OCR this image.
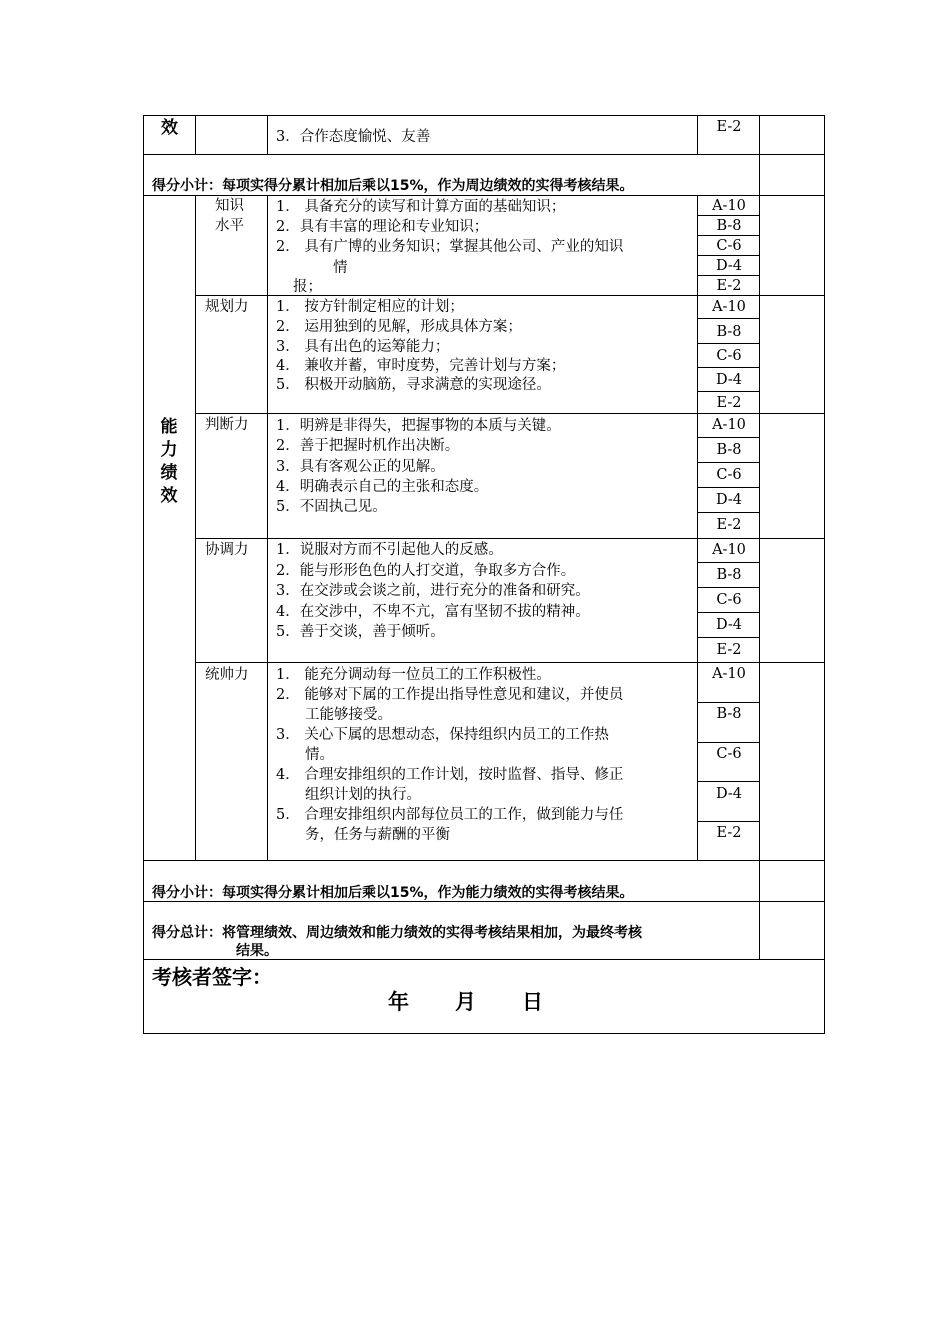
效	3．合作态度愉悦、友善
E-2
得分小计：每项实得分累计相加后乘以15%，作为周边绩效的实得考核结果。
能
力
绩
效
知识
水平
1． 具备充分的读写和计算方面的基础知识；
2．具有丰富的理论和专业知识；
2． 具有广博的业务知识；掌握其他公司、产业的知识
情
报；
A-10
B-8
C-6
D-4
E-2
规划力 1． 按方针制定相应的计划；
2． 运用独到的见解，形成具体方案；
3． 具有出色的运筹能力；
4． 兼收并蓄，审时度势，完善计划与方案；
5． 积极开动脑筋，寻求满意的实现途径。
A-10
B-8
C-6
D-4
E-2
判断力 1．明辨是非得失，把握事物的本质与关键。
2．善于把握时机作出决断。
3．具有客观公正的见解。
4．明确表示自己的主张和态度。
5．不固执己见。
A-10
B-8
C-6
D-4
E-2
协调力 1．说服对方而不引起他人的反感。
2．能与形形色色的人打交道，争取多方合作。
3．在交涉或会谈之前，进行充分的准备和研究。
4．在交涉中，不卑不亢，富有坚韧不拔的精神。
5．善于交谈，善于倾听。
A-10
B-8
C-6
D-4
E-2
统帅力 1． 能充分调动每一位员工的工作积极性。
2． 能够对下属的工作提出指导性意见和建议，并使员
工能够接受。
3． 关心下属的思想动态，保持组织内员工的工作热
情。
4． 合理安排组织的工作计划，按时监督、指导、修正
组织计划的执行。
5． 合理安排组织内部每位员工的工作，做到能力与任
务，任务与薪酬的平衡
A-10
B-8
C-6
D-4
E-2
得分小计：每项实得分累计相加后乘以15%，作为能力绩效的实得考核结果。
得分总计：将管理绩效、周边绩效和能力绩效的实得考核结果相加，为最终考核
结果。
考核者签字：
年 月 日
